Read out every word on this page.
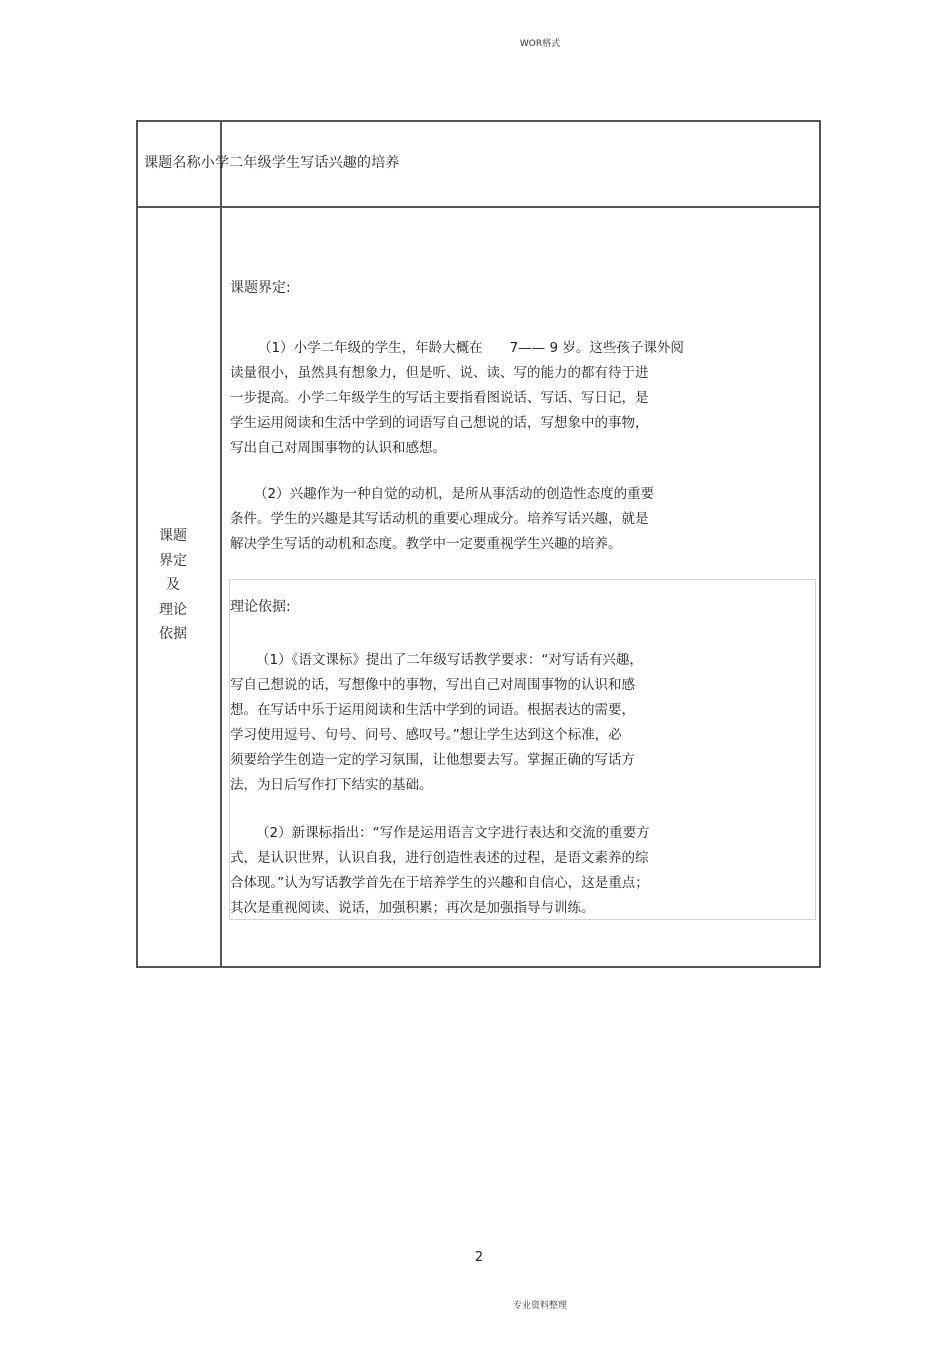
WOR格式
课题名称小学二年级学生写话兴趣的培养
课题
界定
及
理论
依据
课题界定:
（1）小学二年级的学生，年龄大概在　　7—— 9 岁。这些孩子课外阅
读量很小，虽然具有想象力，但是听、说、读、写的能力的都有待于进
一步提高。小学二年级学生的写话主要指看图说话、写话、写日记，是
学生运用阅读和生活中学到的词语写自己想说的话，写想象中的事物，
写出自己对周围事物的认识和感想。
（2）兴趣作为一种自觉的动机，是所从事活动的创造性态度的重要
条件。学生的兴趣是其写话动机的重要心理成分。培养写话兴趣，就是
解决学生写话的动机和态度。教学中一定要重视学生兴趣的培养。
理论依据:
（1）《语文课标》提出了二年级写话教学要求：“对写话有兴趣，
写自己想说的话，写想像中的事物，写出自己对周围事物的认识和感
想。在写话中乐于运用阅读和生活中学到的词语。根据表达的需要，
学习使用逗号、句号、问号、感叹号。”想让学生达到这个标准，必
须要给学生创造一定的学习氛围，让他想要去写。掌握正确的写话方
法，为日后写作打下结实的基础。
（2）新课标指出：“写作是运用语言文字进行表达和交流的重要方
式，是认识世界，认识自我，进行创造性表述的过程，是语文素养的综
合体现。”认为写话教学首先在于培养学生的兴趣和自信心，这是重点；
其次是重视阅读、说话，加强积累；再次是加强指导与训练。
2
专业资料整理
